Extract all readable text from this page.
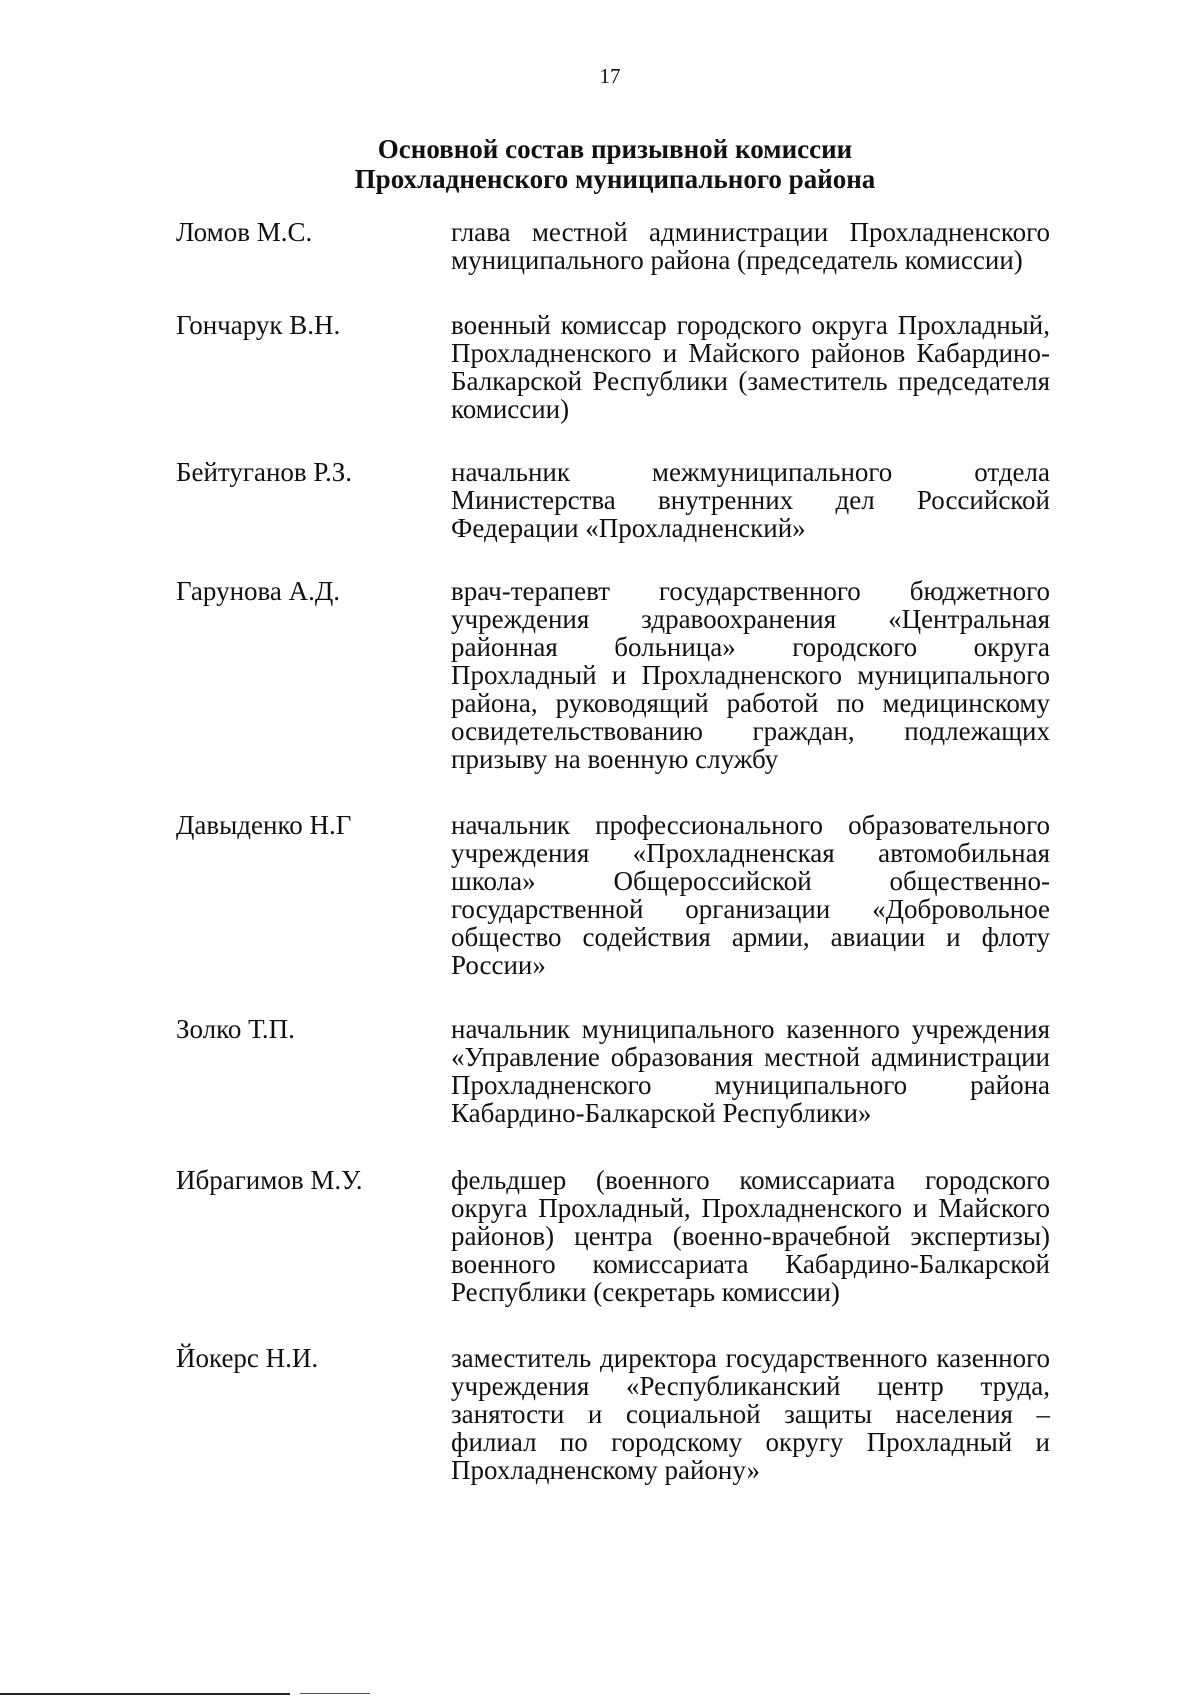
17
Основной состав призывной комиссии
Прохладненского муниципального района
Ломов М.С.	глава местной администрации Прохладненского муниципального района (председатель комиссии)
Гончарук В.Н.	военный комиссар городского округа Прохладный, Прохладненского и Майского районов Кабардино-Балкарской Республики (заместитель председателя комиссии)
Бейтуганов Р.З.	начальник межмуниципального отдела Министерства внутренних дел Российской Федерации «Прохладненский»
Гарунова А.Д.	врач-терапевт государственного бюджетного учреждения здравоохранения «Центральная районная больница» городского округа Прохладный и Прохладненского муниципального района, руководящий работой по медицинскому освидетельствованию граждан, подлежащих призыву на военную службу
Давыденко Н.Г	начальник профессионального образовательного учреждения «Прохладненская автомобильная школа» Общероссийской общественно-государственной организации «Добровольное общество содействия армии, авиации и флоту России»
Золко Т.П.	начальник муниципального казенного учреждения «Управление образования местной администрации Прохладненского муниципального района Кабардино-Балкарской Республики»
Ибрагимов М.У.	фельдшер (военного комиссариата городского округа Прохладный, Прохладненского и Майского районов) центра (военно-врачебной экспертизы) военного комиссариата Кабардино-Балкарской Республики (секретарь комиссии)
Йокерс Н.И.	заместитель директора государственного казенного учреждения «Республиканский центр труда, занятости и социальной защиты населения – филиал по городскому округу Прохладный и Прохладненскому району»
